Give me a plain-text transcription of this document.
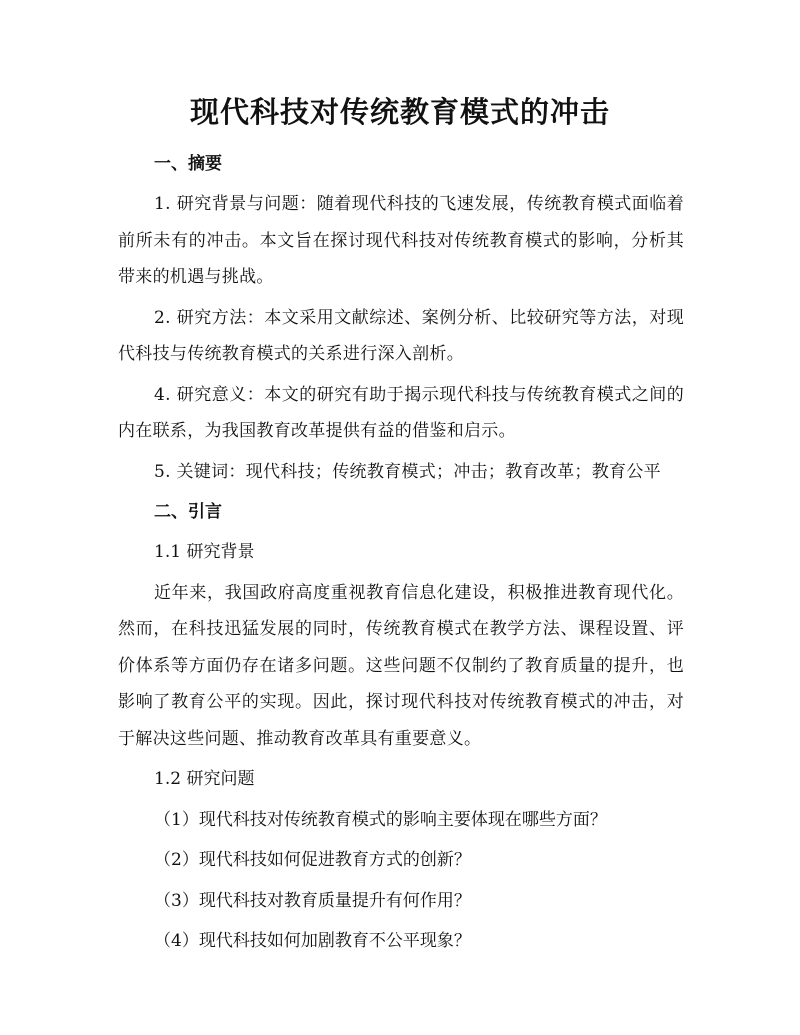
现代科技对传统教育模式的冲击

一、摘要

1. 研究背景与问题：随着现代科技的飞速发展，传统教育模式面临着前所未有的冲击。本文旨在探讨现代科技对传统教育模式的影响，分析其带来的机遇与挑战。

2. 研究方法：本文采用文献综述、案例分析、比较研究等方法，对现代科技与传统教育模式的关系进行深入剖析。

4. 研究意义：本文的研究有助于揭示现代科技与传统教育模式之间的内在联系，为我国教育改革提供有益的借鉴和启示。

5. 关键词：现代科技；传统教育模式；冲击；教育改革；教育公平

二、引言

1.1 研究背景

近年来，我国政府高度重视教育信息化建设，积极推进教育现代化。然而，在科技迅猛发展的同时，传统教育模式在教学方法、课程设置、评价体系等方面仍存在诸多问题。这些问题不仅制约了教育质量的提升，也影响了教育公平的实现。因此，探讨现代科技对传统教育模式的冲击，对于解决这些问题、推动教育改革具有重要意义。

1.2 研究问题

（1）现代科技对传统教育模式的影响主要体现在哪些方面？

（2）现代科技如何促进教育方式的创新？

（3）现代科技对教育质量提升有何作用？

（4）现代科技如何加剧教育不公平现象？
